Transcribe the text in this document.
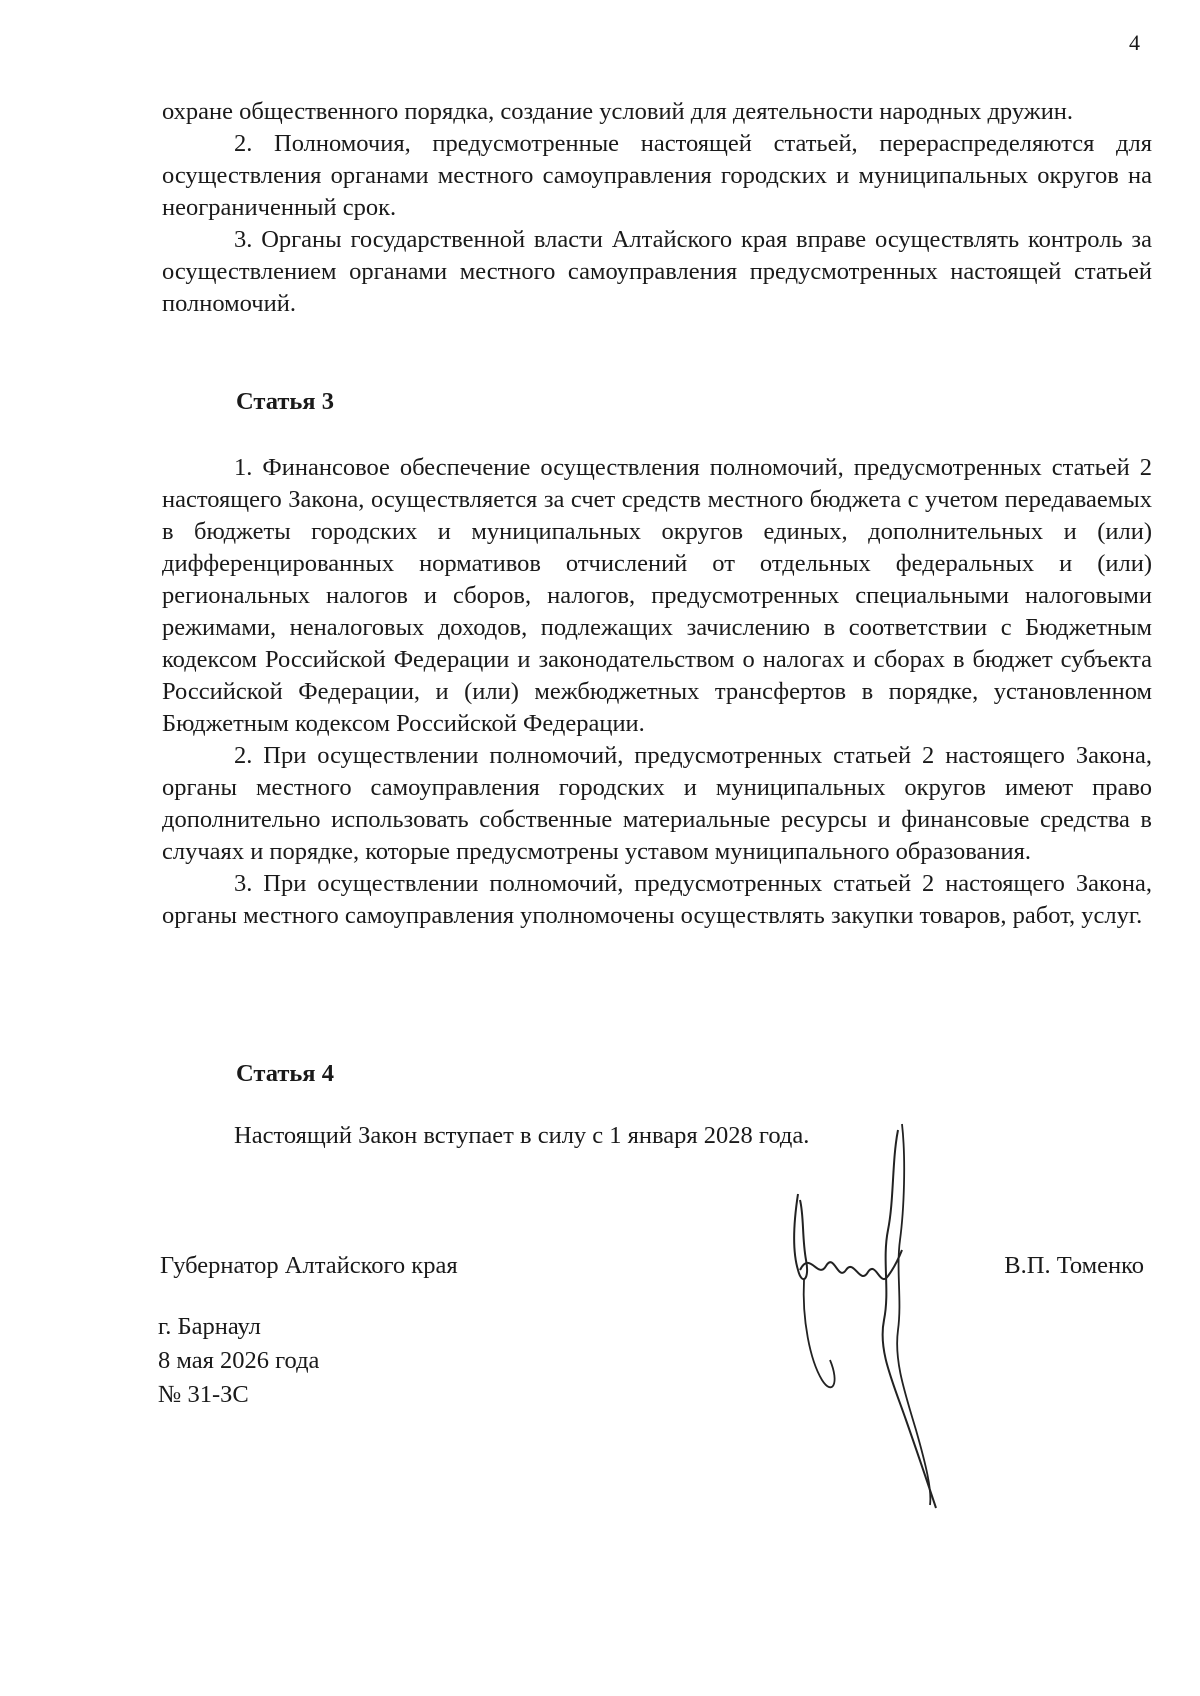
4

охране общественного порядка, создание условий для деятельности народных дружин.

2. Полномочия, предусмотренные настоящей статьей, перераспределяются для осуществления органами местного самоуправления городских и муниципальных округов на неограниченный срок.

3. Органы государственной власти Алтайского края вправе осуществлять контроль за осуществлением органами местного самоуправления предусмотренных настоящей статьей полномочий.

Статья 3

1. Финансовое обеспечение осуществления полномочий, предусмотренных статьей 2 настоящего Закона, осуществляется за счет средств местного бюджета с учетом передаваемых в бюджеты городских и муниципальных округов единых, дополнительных и (или) дифференцированных нормативов отчислений от отдельных федеральных и (или) региональных налогов и сборов, налогов, предусмотренных специальными налоговыми режимами, неналоговых доходов, подлежащих зачислению в соответствии с Бюджетным кодексом Российской Федерации и законодательством о налогах и сборах в бюджет субъекта Российской Федерации, и (или) межбюджетных трансфертов в порядке, установленном Бюджетным кодексом Российской Федерации.

2. При осуществлении полномочий, предусмотренных статьей 2 настоящего Закона, органы местного самоуправления городских и муниципальных округов имеют право дополнительно использовать собственные материальные ресурсы и финансовые средства в случаях и порядке, которые предусмотрены уставом муниципального образования.

3. При осуществлении полномочий, предусмотренных статьей 2 настоящего Закона, органы местного самоуправления уполномочены осуществлять закупки товаров, работ, услуг.

Статья 4
Настоящий Закон вступает в силу с 1 января 2028 года.
Губернатор Алтайского края	В.П. Томенко
г. Барнаул
8 мая 2026 года
№ 31-ЗС
